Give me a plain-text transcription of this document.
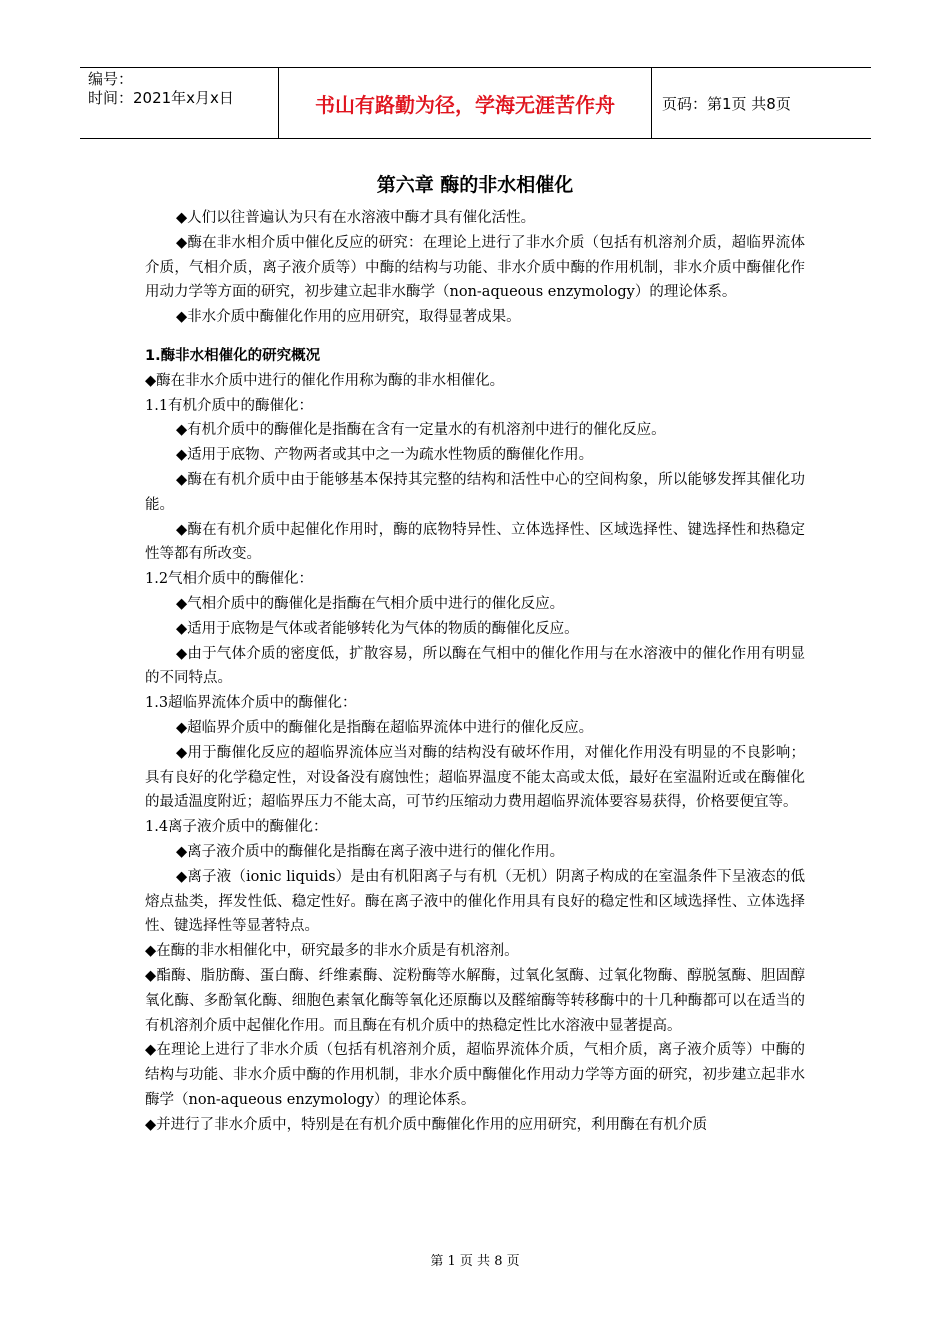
编号：
时间：2021年x月x日	书山有路勤为径，学海无涯苦作舟	页码：第1页 共8页
第六章 酶的非水相催化

◆人们以往普遍认为只有在水溶液中酶才具有催化活性。

◆酶在非水相介质中催化反应的研究：在理论上进行了非水介质（包括有机溶剂介质，超临界流体介质，气相介质，离子液介质等）中酶的结构与功能、非水介质中酶的作用机制，非水介质中酶催化作用动力学等方面的研究，初步建立起非水酶学（non-aqueous enzymology）的理论体系。

◆非水介质中酶催化作用的应用研究，取得显著成果。

1.酶非水相催化的研究概况

◆酶在非水介质中进行的催化作用称为酶的非水相催化。

1.1有机介质中的酶催化：

◆有机介质中的酶催化是指酶在含有一定量水的有机溶剂中进行的催化反应。

◆适用于底物、产物两者或其中之一为疏水性物质的酶催化作用。

◆酶在有机介质中由于能够基本保持其完整的结构和活性中心的空间构象，所以能够发挥其催化功能。

◆酶在有机介质中起催化作用时，酶的底物特异性、立体选择性、区域选择性、键选择性和热稳定性等都有所改变。

1.2气相介质中的酶催化：

◆气相介质中的酶催化是指酶在气相介质中进行的催化反应。

◆适用于底物是气体或者能够转化为气体的物质的酶催化反应。

◆由于气体介质的密度低，扩散容易，所以酶在气相中的催化作用与在水溶液中的催化作用有明显的不同特点。

1.3超临界流体介质中的酶催化：

◆超临界介质中的酶催化是指酶在超临界流体中进行的催化反应。

◆用于酶催化反应的超临界流体应当对酶的结构没有破坏作用，对催化作用没有明显的不良影响；具有良好的化学稳定性，对设备没有腐蚀性；超临界温度不能太高或太低，最好在室温附近或在酶催化的最适温度附近；超临界压力不能太高，可节约压缩动力费用超临界流体要容易获得，价格要便宜等。

1.4离子液介质中的酶催化：

◆离子液介质中的酶催化是指酶在离子液中进行的催化作用。

◆离子液（ionic liquids）是由有机阳离子与有机（无机）阴离子构成的在室温条件下呈液态的低熔点盐类，挥发性低、稳定性好。酶在离子液中的催化作用具有良好的稳定性和区域选择性、立体选择性、键选择性等显著特点。

◆在酶的非水相催化中，研究最多的非水介质是有机溶剂。

◆酯酶、脂肪酶、蛋白酶、纤维素酶、淀粉酶等水解酶，过氧化氢酶、过氧化物酶、醇脱氢酶、胆固醇氧化酶、多酚氧化酶、细胞色素氧化酶等氧化还原酶以及醛缩酶等转移酶中的十几种酶都可以在适当的有机溶剂介质中起催化作用。而且酶在有机介质中的热稳定性比水溶液中显著提高。

◆在理论上进行了非水介质（包括有机溶剂介质，超临界流体介质，气相介质，离子液介质等）中酶的结构与功能、非水介质中酶的作用机制，非水介质中酶催化作用动力学等方面的研究，初步建立起非水酶学（non-aqueous enzymology）的理论体系。

◆并进行了非水介质中，特别是在有机介质中酶催化作用的应用研究，利用酶在有机介质

第 1 页 共 8 页
